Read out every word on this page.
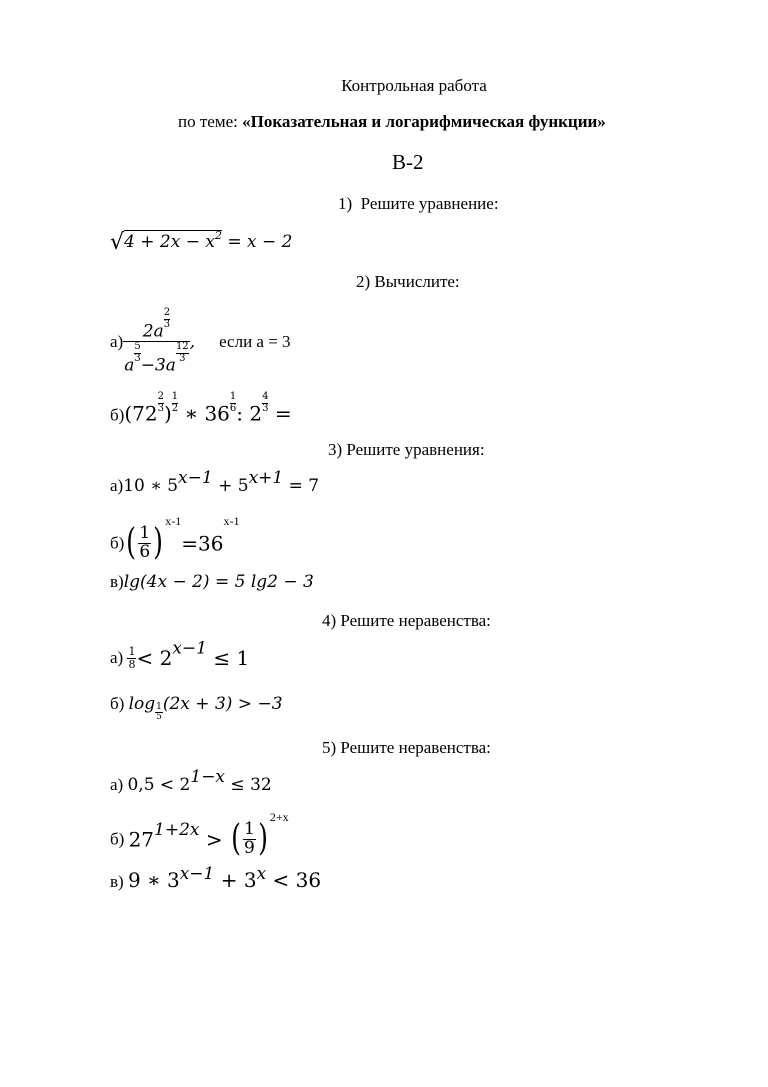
Контрольная работа
по теме: «Показательная и логарифмическая функции»
В-2
1) Решите уравнение:
$√4 + 2x - x^2 = x - 2$
2) Вычислите:
а) 2a
$\frac{2}{3}$
a
$\frac{5}{3}$
−3a
$\frac{12}{3}$ , если a = 3
$б)(72 \frac{2}{3}$ ) $\frac{1}{2}$ ∗ $36 \frac{1}{6}$ : $2 \frac{4}{3}$ =
3) Решите уравнения:
а)10 ∗ $5^{x-1} + 5^{x+1} = 7$
$б)( \frac{1}{6} )^{x-1}=36^{x-1}$
в)lg(4x − 2) = 5 lg2 − 3
4) Решите неравенства:
$а) \frac{1}{8} < 2^{x-1} \le 1$
б) $\log \frac{1}{5} (2x + 3) > -3$
5) Решите неравенства:
а) $0,5 < 2^{1-x} \le 32$
б) $27^{1+2x}$ > ( $\frac{1}{9} )^{2+x}$
в) 9 ∗ $3^{x-1} + 3^x < 36$
